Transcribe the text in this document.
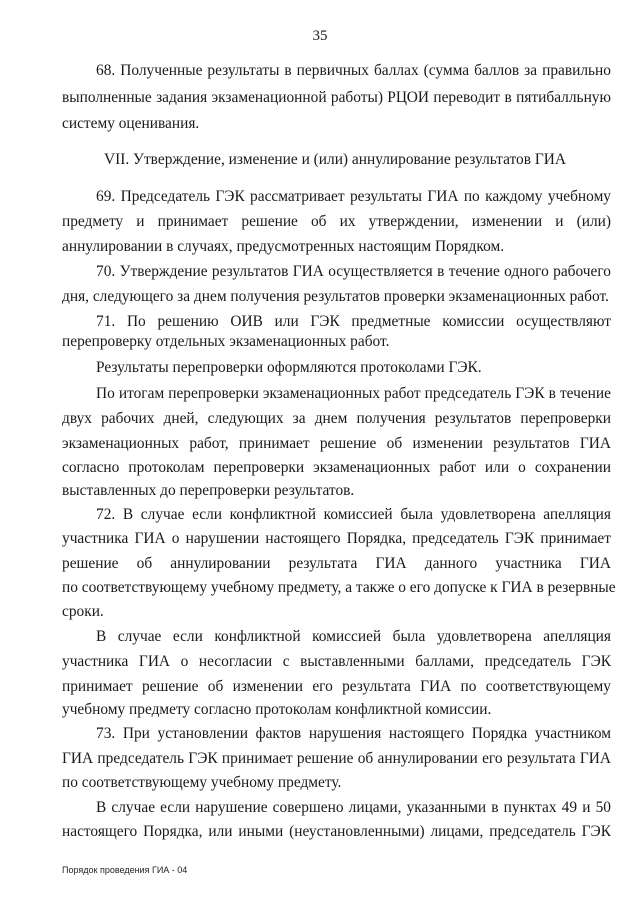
35
68. Полученные результаты в первичных баллах (сумма баллов за правильно
выполненные задания экзаменационной работы) РЦОИ переводит в пятибалльную
систему оценивания.
VII. Утверждение, изменение и (или) аннулирование результатов ГИА
69. Председатель ГЭК рассматривает результаты ГИА по каждому учебному
предмету и принимает решение об их утверждении, изменении и (или)
аннулировании в случаях, предусмотренных настоящим Порядком.
70. Утверждение результатов ГИА осуществляется в течение одного рабочего
дня, следующего за днем получения результатов проверки экзаменационных работ.
71. По решению ОИВ или ГЭК предметные комиссии осуществляют
перепроверку отдельных экзаменационных работ.
Результаты перепроверки оформляются протоколами ГЭК.
По итогам перепроверки экзаменационных работ председатель ГЭК в течение
двух рабочих дней, следующих за днем получения результатов перепроверки
экзаменационных работ, принимает решение об изменении результатов ГИА
согласно протоколам перепроверки экзаменационных работ или о сохранении
выставленных до перепроверки результатов.
72. В случае если конфликтной комиссией была удовлетворена апелляция
участника ГИА о нарушении настоящего Порядка, председатель ГЭК принимает
решение об аннулировании результата ГИА данного участника ГИА
по соответствующему учебному предмету, а также о его допуске к ГИА в резервные
сроки.
В случае если конфликтной комиссией была удовлетворена апелляция
участника ГИА о несогласии с выставленными баллами, председатель ГЭК
принимает решение об изменении его результата ГИА по соответствующему
учебному предмету согласно протоколам конфликтной комиссии.
73. При установлении фактов нарушения настоящего Порядка участником
ГИА председатель ГЭК принимает решение об аннулировании его результата ГИА
по соответствующему учебному предмету.
В случае если нарушение совершено лицами, указанными в пунктах 49 и 50
настоящего Порядка, или иными (неустановленными) лицами, председатель ГЭК
Порядок проведения ГИА - 04
